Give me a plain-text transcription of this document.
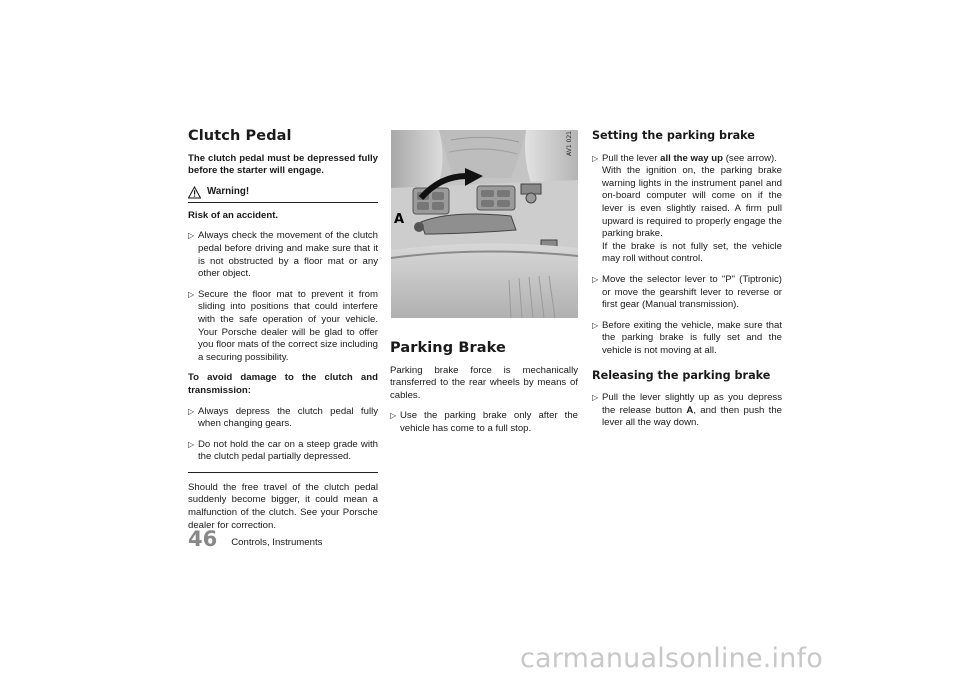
Clutch Pedal

The clutch pedal must be depressed fully before the starter will engage.

Warning!

Risk of an accident.

▷ Always check the movement of the clutch pedal before driving and make sure that it is not obstructed by a floor mat or any other object.
▷ Secure the floor mat to prevent it from sliding into positions that could interfere with the safe operation of your vehicle. Your Porsche dealer will be glad to offer you floor mats of the correct size including a securing possibility.

To avoid damage to the clutch and transmission:

▷ Always depress the clutch pedal fully when changing gears.
▷ Do not hold the car on a steep grade with the clutch pedal partially depressed.

Should the free travel of the clutch pedal suddenly become bigger, it could mean a malfunction of the clutch. See your Porsche dealer for correction.

A
AV1 021
Parking Brake

Parking brake force is mechanically transferred to the rear wheels by means of cables.

▷ Use the parking brake only after the vehicle has come to a full stop.
Setting the parking brake
▷ Pull the lever all the way up (see arrow).
With the ignition on, the parking brake warning lights in the instrument panel and on-board computer will come on if the lever is even slightly raised. A firm pull upward is required to properly engage the parking brake.
If the brake is not fully set, the vehicle may roll without control.
▷ Move the selector lever to "P" (Tiptronic) or move the gearshift lever to reverse or first gear (Manual transmission).
▷ Before exiting the vehicle, make sure that the parking brake is fully set and the vehicle is not moving at all.
Releasing the parking brake
▷ Pull the lever slightly up as you depress the release button A, and then push the lever all the way down.
46 Controls, Instruments
carmanualsonline.info
